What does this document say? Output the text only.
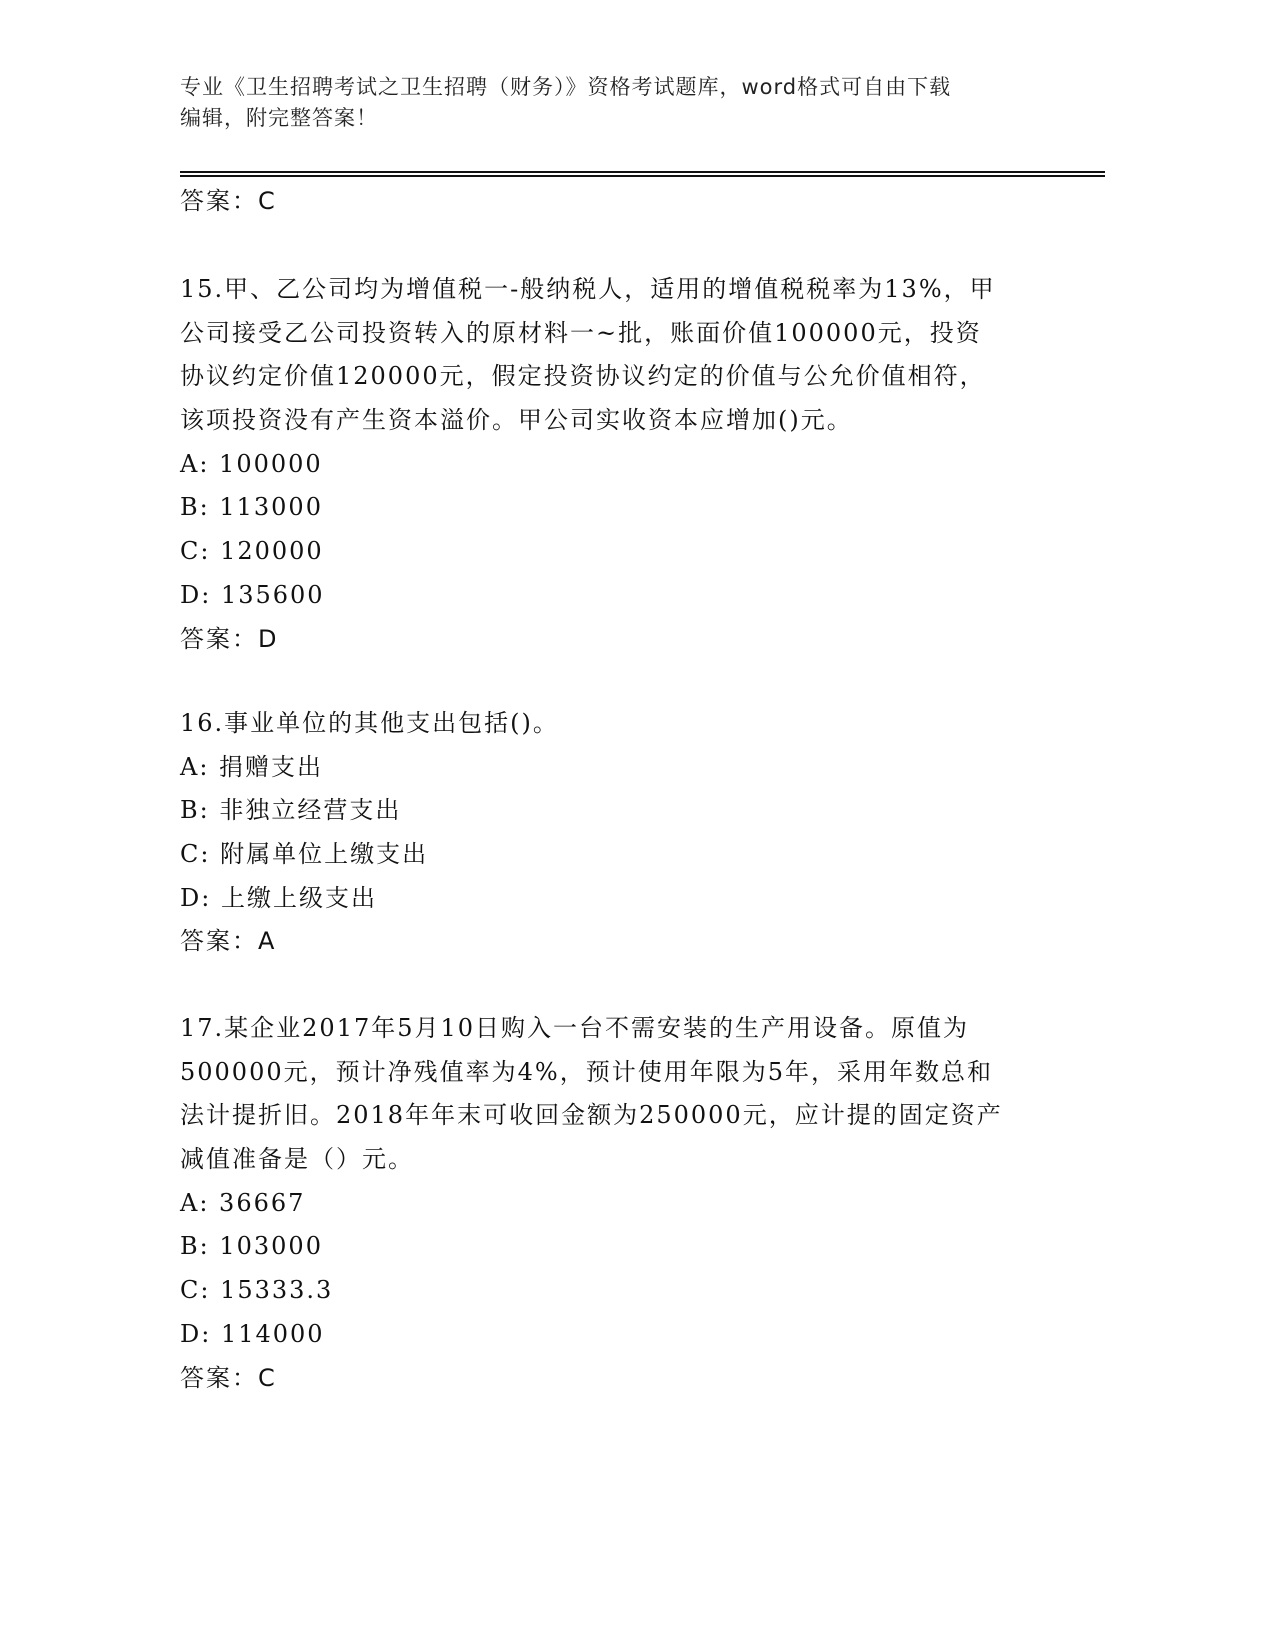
专业《卫生招聘考试之卫生招聘（财务）》资格考试题库，word格式可自由下载
编辑，附完整答案！
答案：C
15.甲、乙公司均为增值税一-般纳税人，适用的增值税税率为13%，甲
公司接受乙公司投资转入的原材料一~批，账面价值100000元，投资
协议约定价值120000元，假定投资协议约定的价值与公允价值相符，
该项投资没有产生资本溢价。甲公司实收资本应增加()元。
A: 100000
B: 113000
C: 120000
D: 135600
答案：D
16.事业单位的其他支出包括()。
A: 捐赠支出
B: 非独立经营支出
C: 附属单位上缴支出
D: 上缴上级支出
答案：A
17.某企业2017年5月10日购入一台不需安装的生产用设备。原值为
500000元，预计净残值率为4%，预计使用年限为5年，采用年数总和
法计提折旧。2018年年末可收回金额为250000元，应计提的固定资产
减值准备是（）元。
A: 36667
B: 103000
C: 15333.3
D: 114000
答案：C
